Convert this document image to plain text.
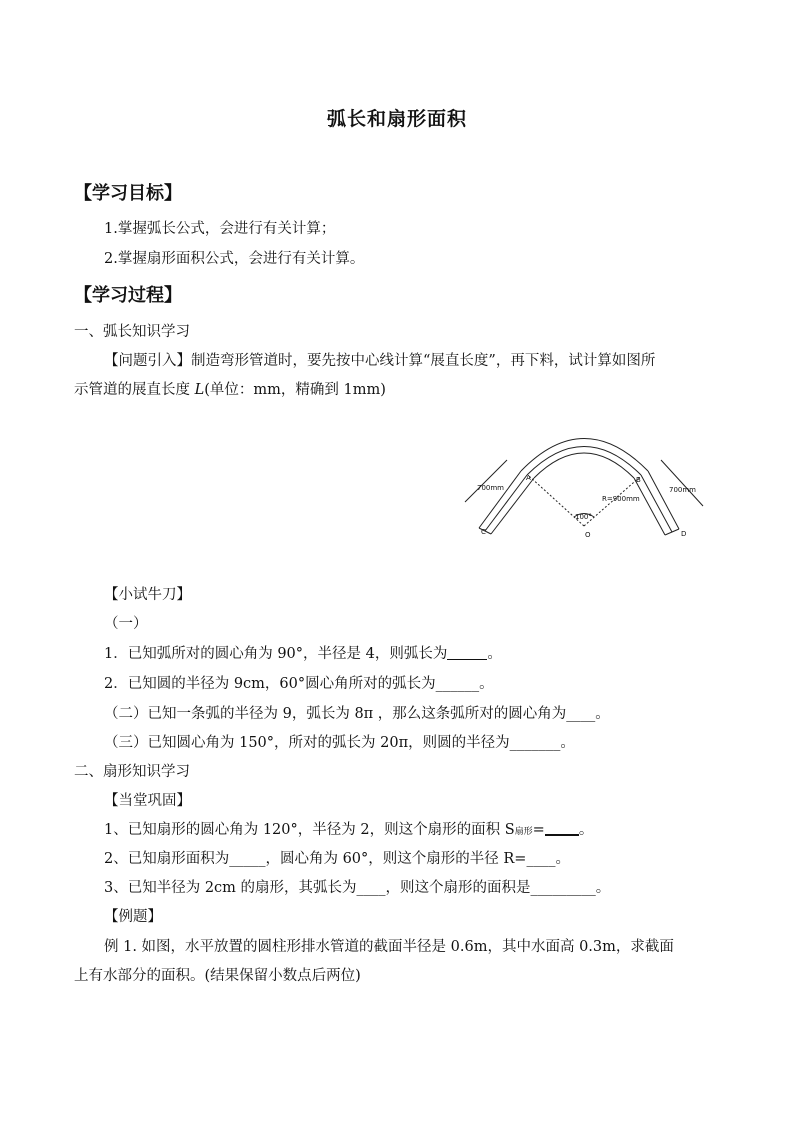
弧长和扇形面积
【学习目标】
1.掌握弧长公式，会进行有关计算；
2.掌握扇形面积公式，会进行有关计算。
【学习过程】
一、弧长知识学习
【问题引入】制造弯形管道时，要先按中心线计算“展直长度”，再下料，试计算如图所
示管道的展直长度 L(单位：mm，精确到 1mm)
700mm	700mm
R=900mm
100°
A	B
C	D
O
【小试牛刀】
（一）
1．已知弧所对的圆心角为 90°，半径是 4，则弧长为	。
2．已知圆的半径为 9cm，60°圆心角所对的弧长为______。
（二）已知一条弧的半径为 9，弧长为 8π ，那么这条弧所对的圆心角为____。
（三）已知圆心角为 150°，所对的弧长为 20π，则圆的半径为_______。
二、扇形知识学习
【当堂巩固】
1、已知扇形的圆心角为 120°，半径为 2，则这个扇形的面积 S扇形= 。
2、已知扇形面积为_____，圆心角为 60°，则这个扇形的半径 R=____。
3、已知半径为 2cm 的扇形，其弧长为____，则这个扇形的面积是_________。
【例题】
例 1. 如图，水平放置的圆柱形排水管道的截面半径是 0.6m，其中水面高 0.3m，求截面
上有水部分的面积。(结果保留小数点后两位)
